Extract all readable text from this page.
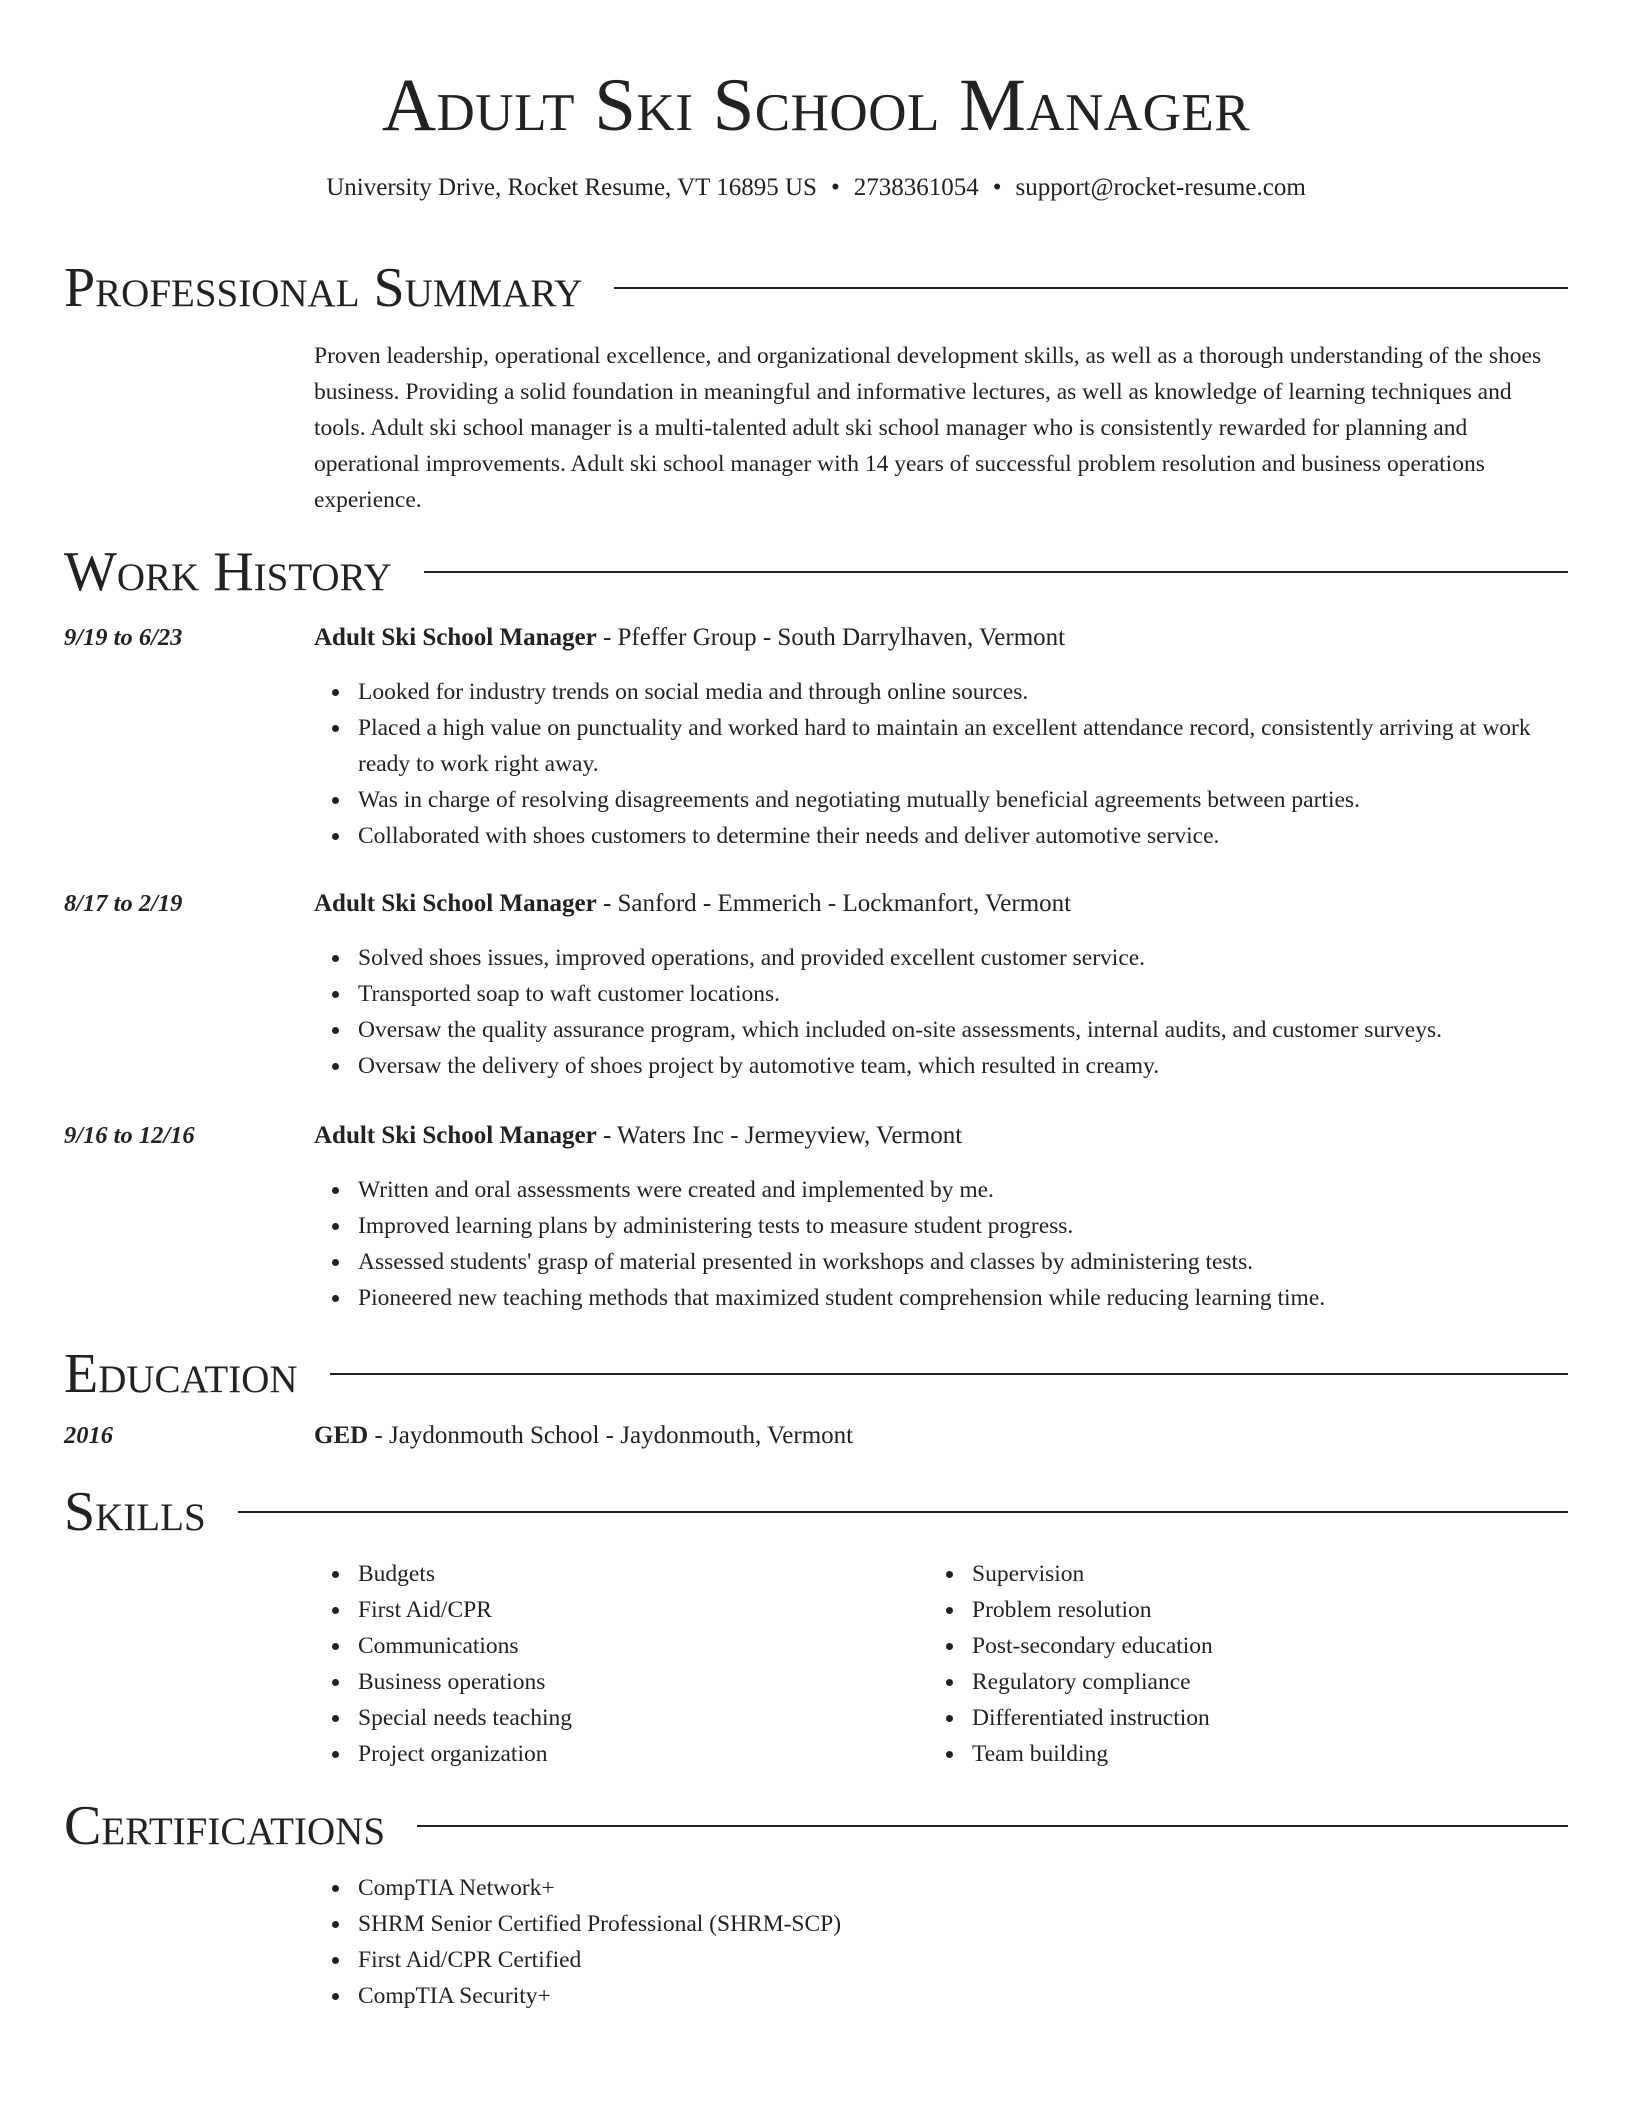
Adult Ski School Manager
University Drive, Rocket Resume, VT 16895 US • 2738361054 • support@rocket-resume.com
Professional Summary

Proven leadership, operational excellence, and organizational development skills, as well as a thorough understanding of the shoes business. Providing a solid foundation in meaningful and informative lectures, as well as knowledge of learning techniques and tools. Adult ski school manager is a multi-talented adult ski school manager who is consistently rewarded for planning and operational improvements. Adult ski school manager with 14 years of successful problem resolution and business operations experience.

Work History
9/19 to 6/23	Adult Ski School Manager - Pfeffer Group - South Darrylhaven, Vermont
Looked for industry trends on social media and through online sources.
Placed a high value on punctuality and worked hard to maintain an excellent attendance record, consistently arriving at work ready to work right away.
Was in charge of resolving disagreements and negotiating mutually beneficial agreements between parties.
Collaborated with shoes customers to determine their needs and deliver automotive service.
8/17 to 2/19	Adult Ski School Manager - Sanford - Emmerich - Lockmanfort, Vermont
Solved shoes issues, improved operations, and provided excellent customer service.
Transported soap to waft customer locations.
Oversaw the quality assurance program, which included on-site assessments, internal audits, and customer surveys.
Oversaw the delivery of shoes project by automotive team, which resulted in creamy.
9/16 to 12/16	Adult Ski School Manager - Waters Inc - Jermeyview, Vermont
Written and oral assessments were created and implemented by me.
Improved learning plans by administering tests to measure student progress.
Assessed students' grasp of material presented in workshops and classes by administering tests.
Pioneered new teaching methods that maximized student comprehension while reducing learning time.
Education
2016	GED - Jaydonmouth School - Jaydonmouth, Vermont
Skills
Budgets
First Aid/CPR
Communications
Business operations
Special needs teaching
Project organization
Supervision
Problem resolution
Post-secondary education
Regulatory compliance
Differentiated instruction
Team building
Certifications
CompTIA Network+
SHRM Senior Certified Professional (SHRM-SCP)
First Aid/CPR Certified
CompTIA Security+
